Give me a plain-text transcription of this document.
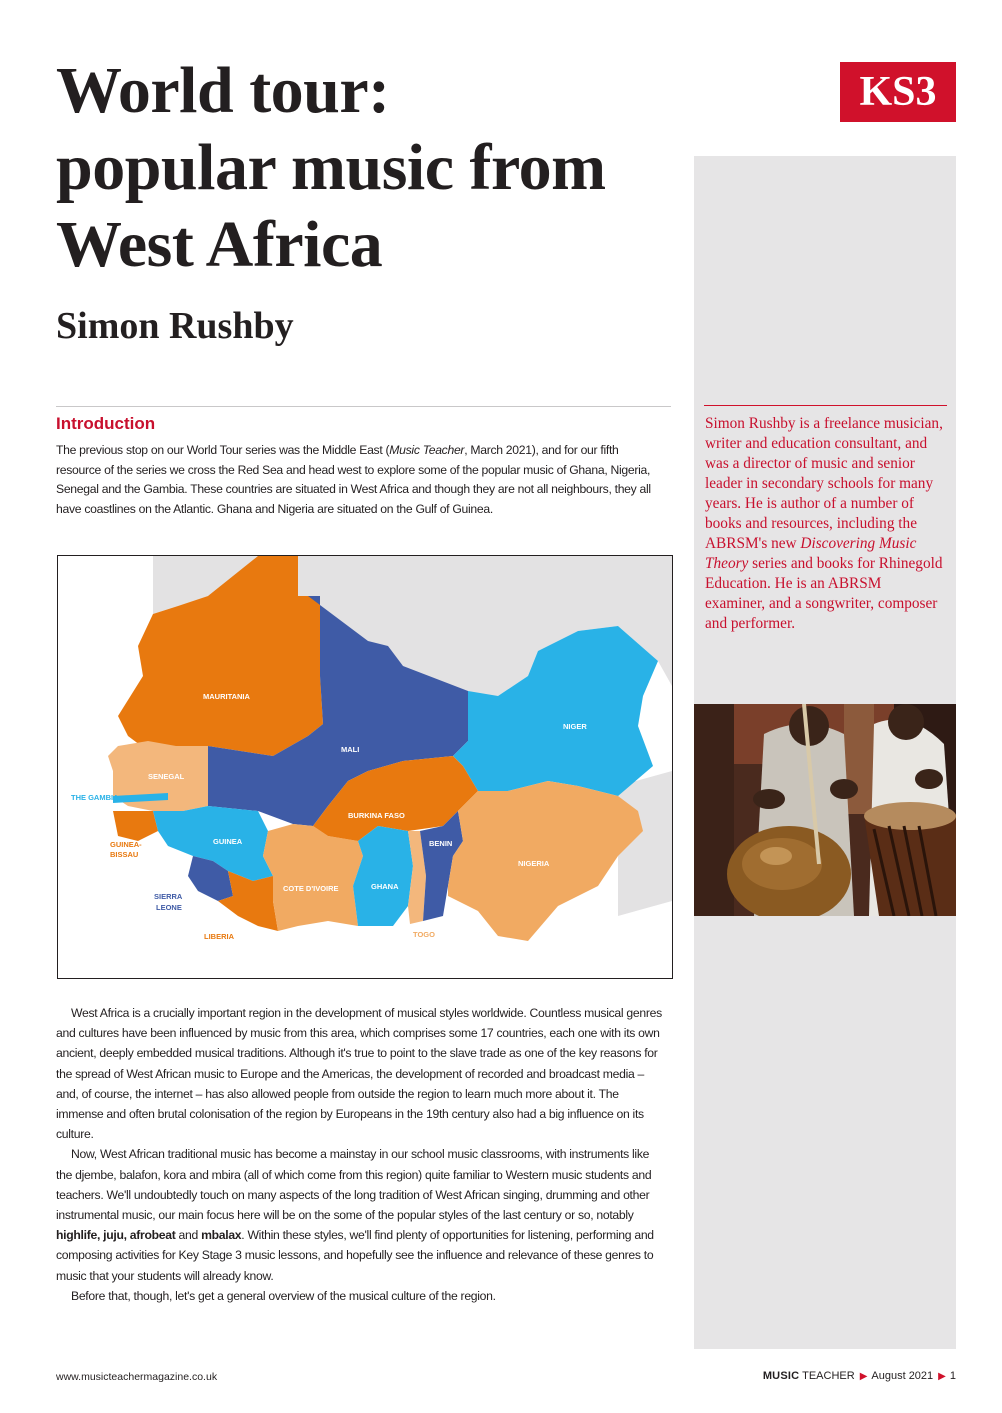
World tour:
popular music from
West Africa
Simon Rushby
KS3

Simon Rushby is a freelance musician, writer and education consultant, and was a director of music and senior leader in secondary schools for many years. He is author of a number of books and resources, including the ABRSM's new Discovering Music Theory series and books for Rhinegold Education. He is an ABRSM examiner, and a songwriter, composer and performer.

Introduction

The previous stop on our World Tour series was the Middle East (Music Teacher, March 2021), and for our fifth resource of the series we cross the Red Sea and head west to explore some of the popular music of Ghana, Nigeria, Senegal and the Gambia. These countries are situated in West Africa and though they are not all neighbours, they all have coastlines on the Atlantic. Ghana and Nigeria are situated on the Gulf of Guinea.

MAURITANIA
MALI
NIGER
SENEGAL
THE GAMBIA
GUINEA-
BISSAU
GUINEA
BURKINA FASO
BENIN
NIGERIA
SIERRA
LEONE
COTE D'IVOIRE	GHANA
TOGO
LIBERIA

West Africa is a crucially important region in the development of musical styles worldwide. Countless musical genres and cultures have been influenced by music from this area, which comprises some 17 countries, each one with its own ancient, deeply embedded musical traditions. Although it's true to point to the slave trade as one of the key reasons for the spread of West African music to Europe and the Americas, the development of recorded and broadcast media – and, of course, the internet – has also allowed people from outside the region to learn much more about it. The immense and often brutal colonisation of the region by Europeans in the 19th century also had a big influence on its culture.

Now, West African traditional music has become a mainstay in our school music classrooms, with instruments like the djembe, balafon, kora and mbira (all of which come from this region) quite familiar to Western music students and teachers. We'll undoubtedly touch on many aspects of the long tradition of West African singing, drumming and other instrumental music, our main focus here will be on the some of the popular styles of the last century or so, notably highlife, juju, afrobeat and mbalax. Within these styles, we'll find plenty of opportunities for listening, performing and composing activities for Key Stage 3 music lessons, and hopefully see the influence and relevance of these genres to music that your students will already know.

Before that, though, let's get a general overview of the musical culture of the region.

www.musicteachermagazine.co.uk	MUSIC TEACHER ▶ August 2021 ▶ 1
